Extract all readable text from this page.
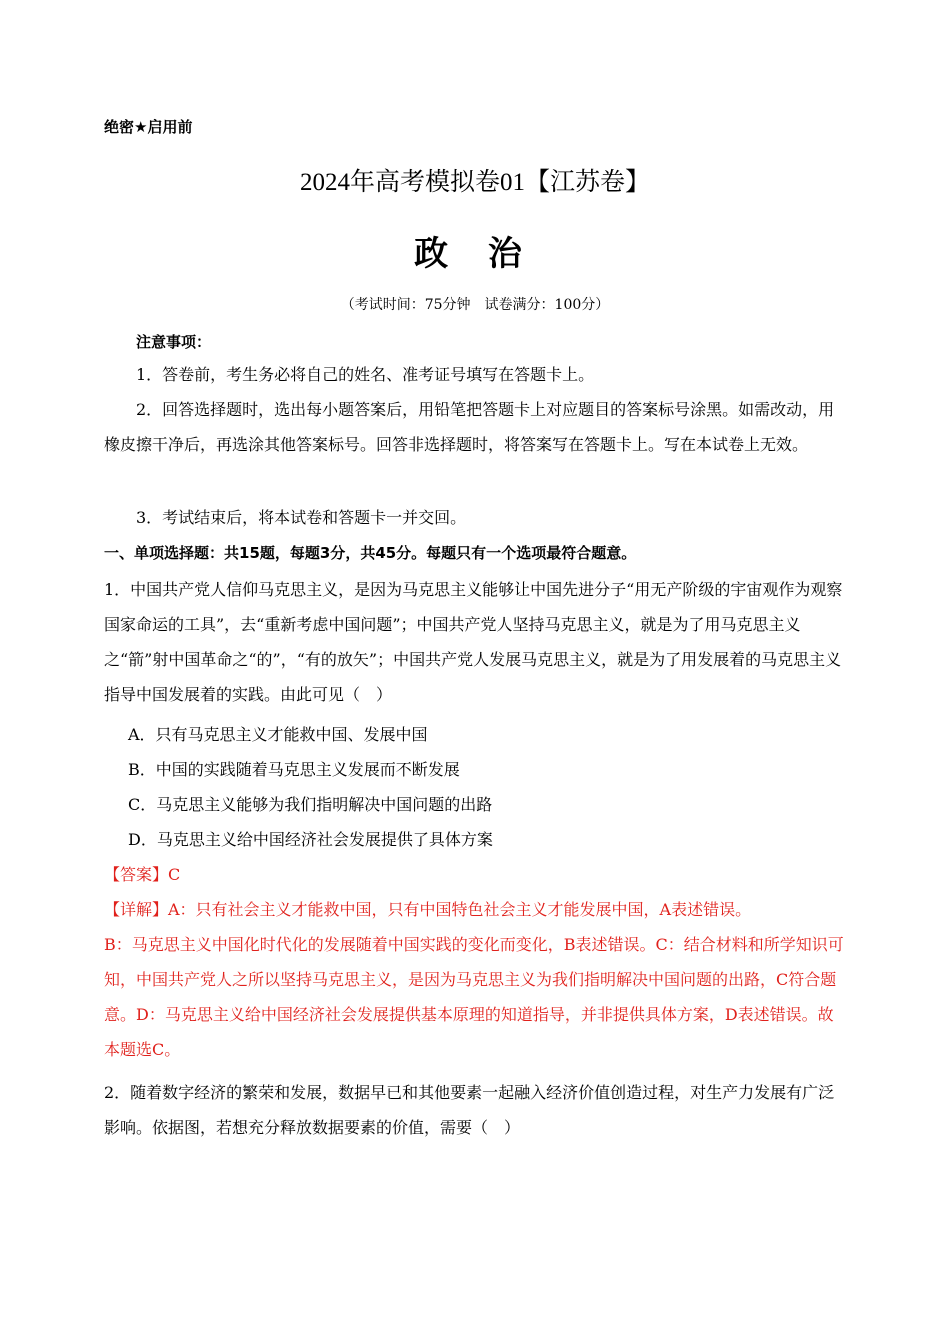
绝密★启用前
2024年高考模拟卷01【江苏卷】
政 治
（考试时间：75分钟　试卷满分：100分）
注意事项：

1．答卷前，考生务必将自己的姓名、准考证号填写在答题卡上。

2．回答选择题时，选出每小题答案后，用铅笔把答题卡上对应题目的答案标号涂黑。如需改动，用橡皮擦干净后，再选涂其他答案标号。回答非选择题时，将答案写在答题卡上。写在本试卷上无效。

3．考试结束后，将本试卷和答题卡一并交回。

一、单项选择题：共15题，每题3分，共45分。每题只有一个选项最符合题意。

1．中国共产党人信仰马克思主义，是因为马克思主义能够让中国先进分子“用无产阶级的宇宙观作为观察国家命运的工具”，去“重新考虑中国问题”；中国共产党人坚持马克思主义，就是为了用马克思主义之“箭”射中国革命之“的”，“有的放矢”；中国共产党人发展马克思主义，就是为了用发展着的马克思主义指导中国发展着的实践。由此可见（　）

A．只有马克思主义才能救中国、发展中国
B．中国的实践随着马克思主义发展而不断发展
C．马克思主义能够为我们指明解决中国问题的出路
D．马克思主义给中国经济社会发展提供了具体方案

【答案】C

【详解】A：只有社会主义才能救中国，只有中国特色社会主义才能发展中国，A表述错误。

B：马克思主义中国化时代化的发展随着中国实践的变化而变化，B表述错误。C：结合材料和所学知识可知，中国共产党人之所以坚持马克思主义，是因为马克思主义为我们指明解决中国问题的出路，C符合题意。D：马克思主义给中国经济社会发展提供基本原理的知道指导，并非提供具体方案，D表述错误。故本题选C。

2．随着数字经济的繁荣和发展，数据早已和其他要素一起融入经济价值创造过程，对生产力发展有广泛影响。依据图，若想充分释放数据要素的价值，需要（　）
